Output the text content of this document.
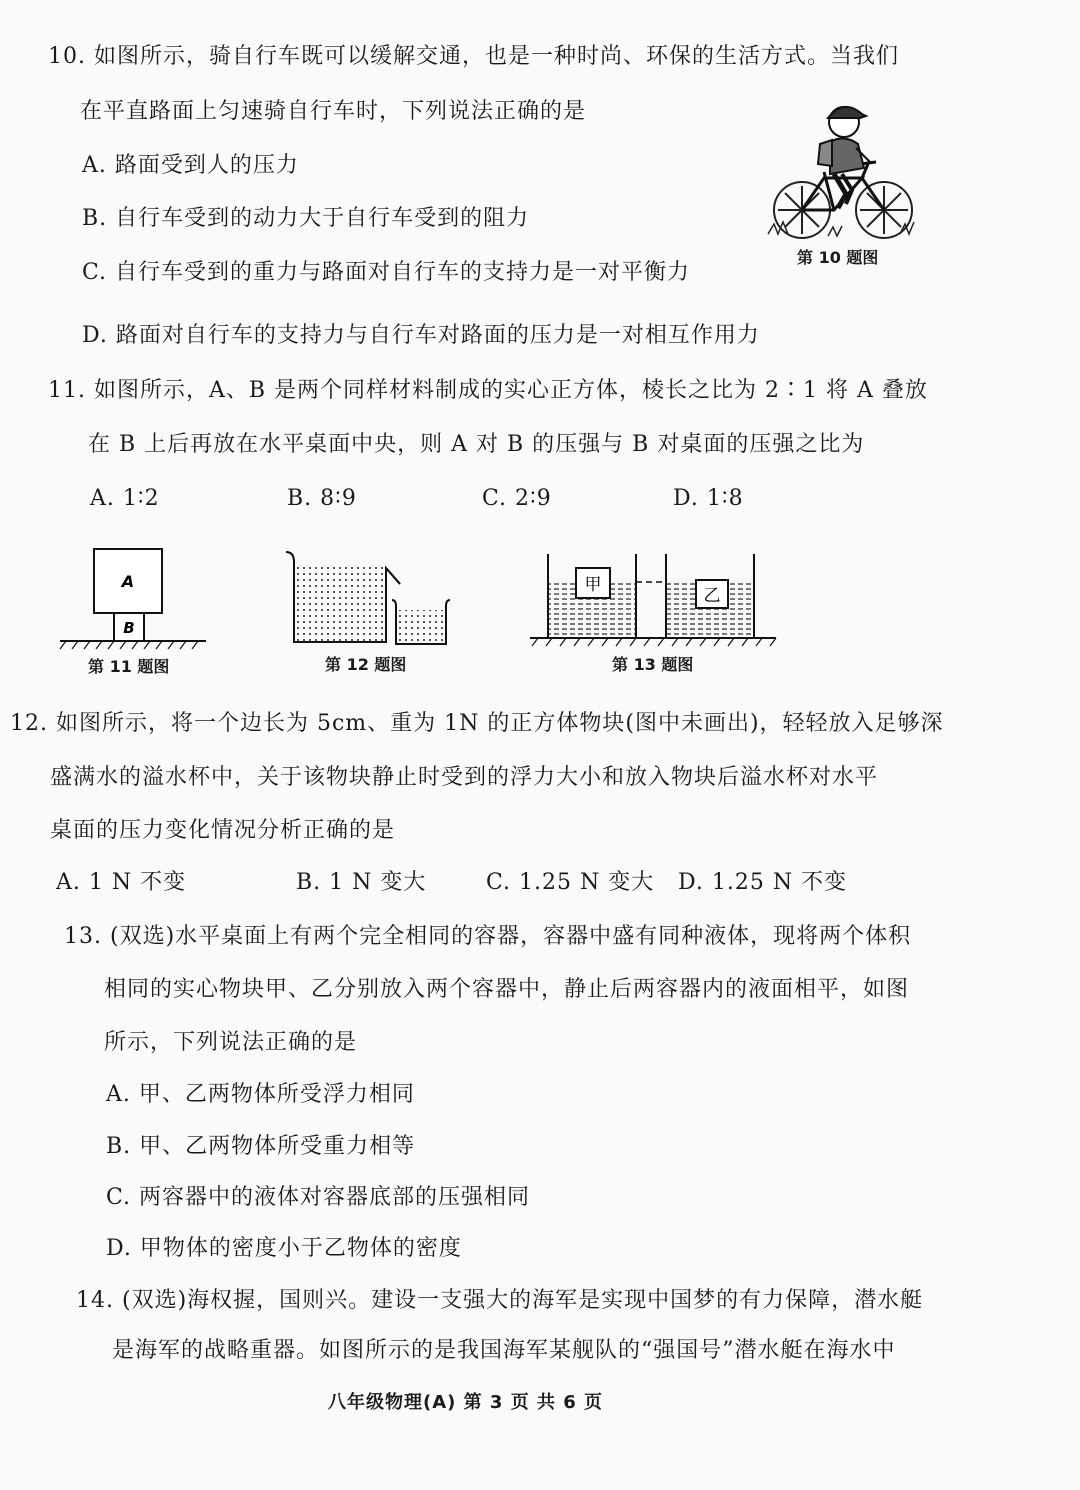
10. 如图所示，骑自行车既可以缓解交通，也是一种时尚、环保的生活方式。当我们
在平直路面上匀速骑自行车时，下列说法正确的是
A. 路面受到人的压力
B. 自行车受到的动力大于自行车受到的阻力
C. 自行车受到的重力与路面对自行车的支持力是一对平衡力
D. 路面对自行车的支持力与自行车对路面的压力是一对相互作用力
第 10 题图
11. 如图所示，A、B 是两个同样材料制成的实心正方体，棱长之比为 2∶1 将 A 叠放
在 B 上后再放在水平桌面中央，则 A 对 B 的压强与 B 对桌面的压强之比为
A. 1∶2	B. 8∶9	C. 2∶9	D. 1∶8
A
B
第 11 题图	第 12 题图
甲
乙
第 13 题图
12. 如图所示，将一个边长为 5cm、重为 1N 的正方体物块(图中未画出)，轻轻放入足够深
盛满水的溢水杯中，关于该物块静止时受到的浮力大小和放入物块后溢水杯对水平
桌面的压力变化情况分析正确的是
A. 1 N 不变	B. 1 N 变大	C. 1.25 N 变大 D. 1.25 N 不变
13. (双选)水平桌面上有两个完全相同的容器，容器中盛有同种液体，现将两个体积
相同的实心物块甲、乙分别放入两个容器中，静止后两容器内的液面相平，如图
所示，下列说法正确的是
A. 甲、乙两物体所受浮力相同
B. 甲、乙两物体所受重力相等
C. 两容器中的液体对容器底部的压强相同
D. 甲物体的密度小于乙物体的密度
14. (双选)海权握，国则兴。建设一支强大的海军是实现中国梦的有力保障，潜水艇
是海军的战略重器。如图所示的是我国海军某舰队的“强国号”潜水艇在海水中
八年级物理(A) 第 3 页 共 6 页
